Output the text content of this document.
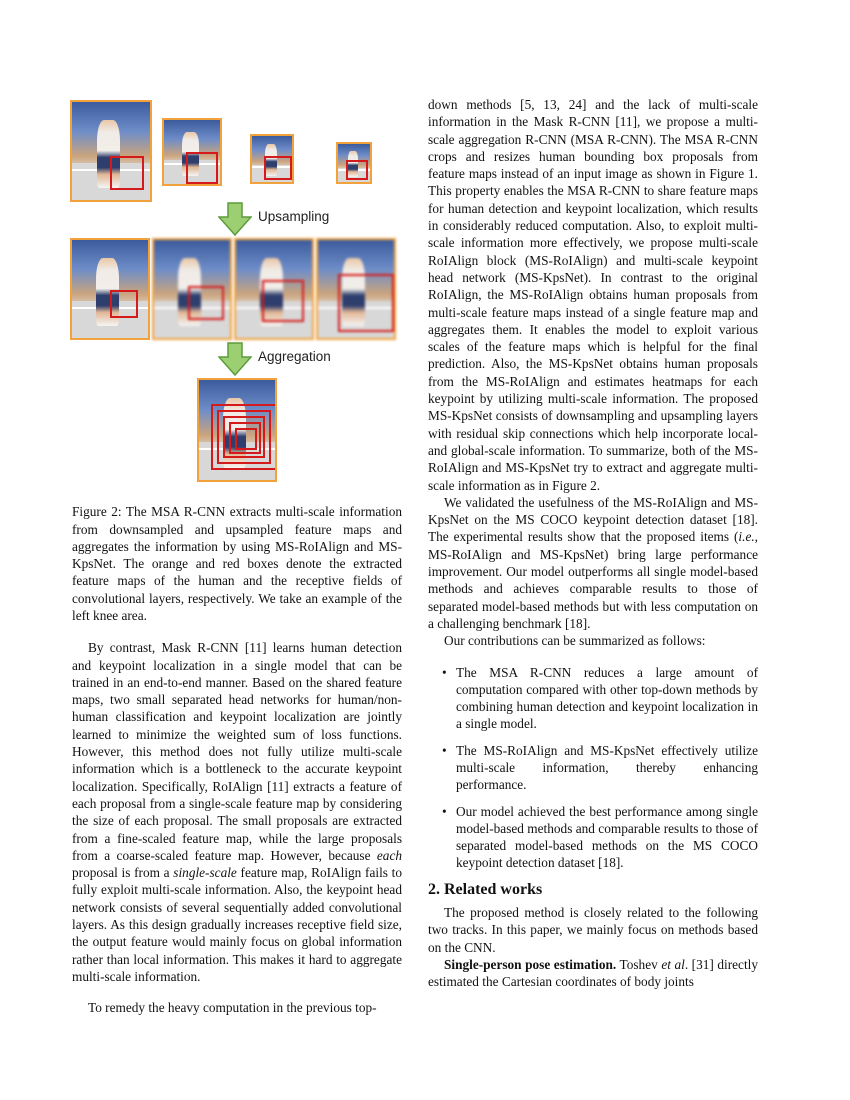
Upsampling
Aggregation

Figure 2: The MSA R-CNN extracts multi-scale information from downsampled and upsampled feature maps and aggregates the information by using MS-RoIAlign and MS-KpsNet. The orange and red boxes denote the extracted feature maps of the human and the receptive fields of convolutional layers, respectively. We take an example of the left knee area.

By contrast, Mask R-CNN [11] learns human detection and keypoint localization in a single model that can be trained in an end-to-end manner. Based on the shared feature maps, two small separated head networks for human/non-human classification and keypoint localization are jointly learned to minimize the weighted sum of loss functions. However, this method does not fully utilize multi-scale information which is a bottleneck to the accurate keypoint localization. Specifically, RoIAlign [11] extracts a feature of each proposal from a single-scale feature map by considering the size of each proposal. The small proposals are extracted from a fine-scaled feature map, while the large proposals from a coarse-scaled feature map. However, because each proposal is from a single-scale feature map, RoIAlign fails to fully exploit multi-scale information. Also, the keypoint head network consists of several sequentially added convolutional layers. As this design gradually increases receptive field size, the output feature would mainly focus on global information rather than local information. This makes it hard to aggregate multi-scale information.

To remedy the heavy computation in the previous top-

down methods [5, 13, 24] and the lack of multi-scale information in the Mask R-CNN [11], we propose a multi-scale aggregation R-CNN (MSA R-CNN). The MSA R-CNN crops and resizes human bounding box proposals from feature maps instead of an input image as shown in Figure 1. This property enables the MSA R-CNN to share feature maps for human detection and keypoint localization, which results in considerably reduced computation. Also, to exploit multi-scale information more effectively, we propose multi-scale RoIAlign block (MS-RoIAlign) and multi-scale keypoint head network (MS-KpsNet). In contrast to the original RoIAlign, the MS-RoIAlign obtains human proposals from multi-scale feature maps instead of a single feature map and aggregates them. It enables the model to exploit various scales of the feature maps which is helpful for the final prediction. Also, the MS-KpsNet obtains human proposals from the MS-RoIAlign and estimates heatmaps for each keypoint by utilizing multi-scale information. The proposed MS-KpsNet consists of downsampling and upsampling layers with residual skip connections which help incorporate local- and global-scale information. To summarize, both of the MS-RoIAlign and MS-KpsNet try to extract and aggregate multi-scale information as in Figure 2.

We validated the usefulness of the MS-RoIAlign and MS-KpsNet on the MS COCO keypoint detection dataset [18]. The experimental results show that the proposed items (i.e., MS-RoIAlign and MS-KpsNet) bring large performance improvement. Our model outperforms all single model-based methods and achieves comparable results to those of separated model-based methods but with less computation on a challenging benchmark [18].

Our contributions can be summarized as follows:

• The MSA R-CNN reduces a large amount of computation compared with other top-down methods by combining human detection and keypoint localization in a single model.
• The MS-RoIAlign and MS-KpsNet effectively utilize multi-scale information, thereby enhancing performance.
• Our model achieved the best performance among single model-based methods and comparable results to those of separated model-based methods on the MS COCO keypoint detection dataset [18].
2. Related works

The proposed method is closely related to the following two tracks. In this paper, we mainly focus on methods based on the CNN.

Single-person pose estimation. Toshev et al. [31] directly estimated the Cartesian coordinates of body joints
